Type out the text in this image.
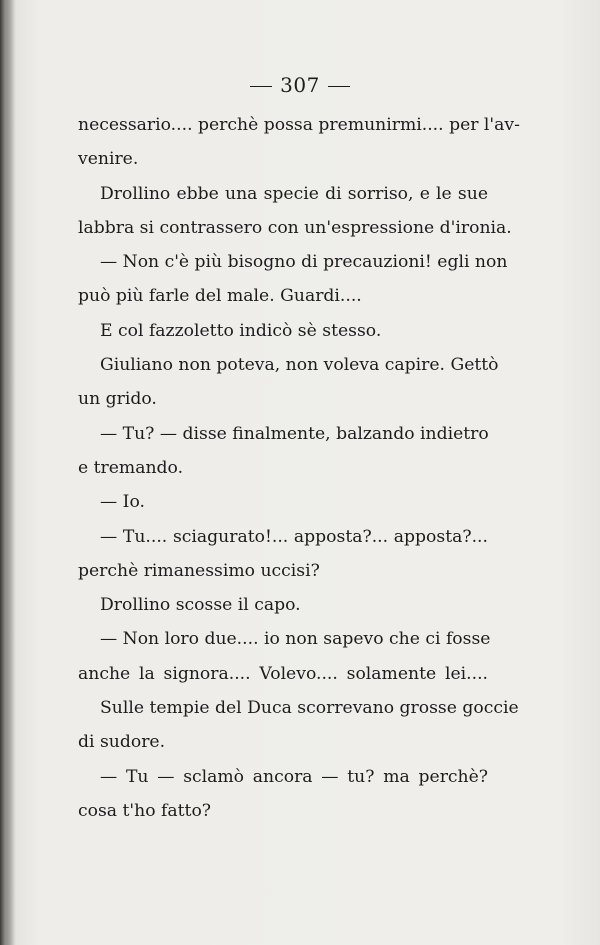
307
necessario.... perchè possa premunirmi.... per l'av-
venire.
Drollino ebbe una specie di sorriso, e le sue
labbra si contrassero con un'espressione d'ironia.
— Non c'è più bisogno di precauzioni! egli non
può più farle del male. Guardi....
E col fazzoletto indicò sè stesso.
Giuliano non poteva, non voleva capire. Gettò
un grido.
— Tu? — disse finalmente, balzando indietro
e tremando.
— Io.
— Tu.... sciagurato!... apposta?... apposta?...
perchè rimanessimo uccisi?
Drollino scosse il capo.
— Non loro due.... io non sapevo che ci fosse
anche la signora.... Volevo.... solamente lei....
Sulle tempie del Duca scorrevano grosse goccie
di sudore.
— Tu — sclamò ancora — tu? ma perchè?
cosa t'ho fatto?
